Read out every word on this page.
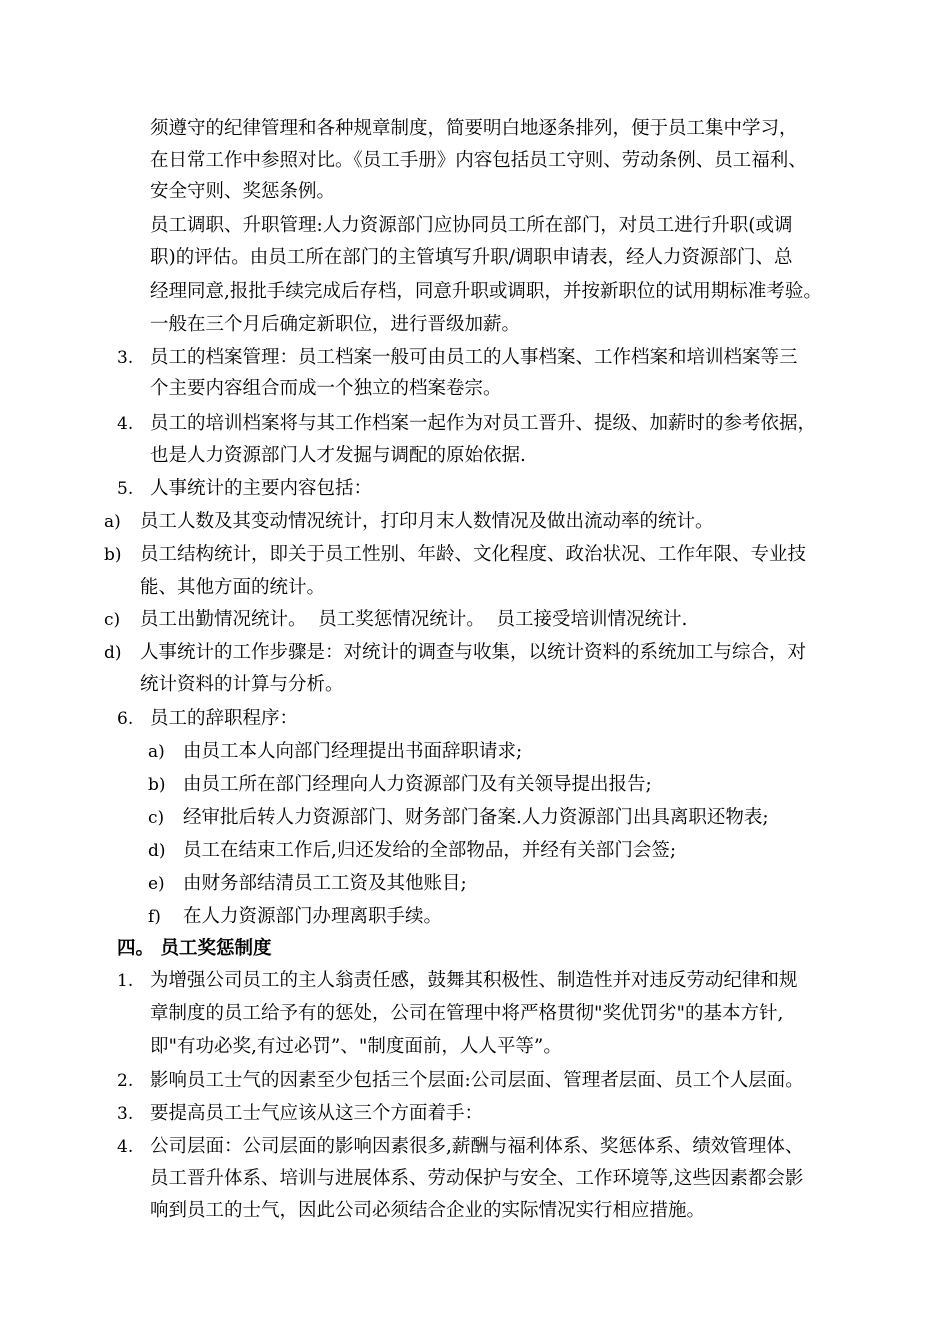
须遵守的纪律管理和各种规章制度，简要明白地逐条排列，便于员工集中学习，
在日常工作中参照对比。《员工手册》内容包括员工守则、劳动条例、员工福利、
安全守则、奖惩条例。
员工调职、升职管理:人力资源部门应协同员工所在部门，对员工进行升职(或调
职)的评估。由员工所在部门的主管填写升职/调职申请表，经人力资源部门、总
经理同意,报批手续完成后存档，同意升职或调职，并按新职位的试用期标准考验。
一般在三个月后确定新职位，进行晋级加薪。
3. 员工的档案管理：员工档案一般可由员工的人事档案、工作档案和培训档案等三
个主要内容组合而成一个独立的档案卷宗。
4. 员工的培训档案将与其工作档案一起作为对员工晋升、提级、加薪时的参考依据，
也是人力资源部门人才发掘与调配的原始依据.
5. 人事统计的主要内容包括：
a) 员工人数及其变动情况统计，打印月末人数情况及做出流动率的统计。
b) 员工结构统计，即关于员工性别、年龄、文化程度、政治状况、工作年限、专业技
能、其他方面的统计。
c) 员工出勤情况统计。  员工奖惩情况统计。  员工接受培训情况统计.
d) 人事统计的工作步骤是：对统计的调查与收集，以统计资料的系统加工与综合，对
统计资料的计算与分析。
6. 员工的辞职程序：
a) 由员工本人向部门经理提出书面辞职请求;
b) 由员工所在部门经理向人力资源部门及有关领导提出报告;
c) 经审批后转人力资源部门、财务部门备案.人力资源部门出具离职还物表;
d) 员工在结束工作后,归还发给的全部物品，并经有关部门会签;
e) 由财务部结清员工工资及其他账目;
f) 在人力资源部门办理离职手续。
四。 员工奖惩制度
1. 为增强公司员工的主人翁责任感，鼓舞其积极性、制造性并对违反劳动纪律和规
章制度的员工给予有的惩处，公司在管理中将严格贯彻"奖优罚劣"的基本方针,
即"有功必奖,有过必罚”、"制度面前，人人平等”。
2. 影响员工士气的因素至少包括三个层面:公司层面、管理者层面、员工个人层面。
3. 要提高员工士气应该从这三个方面着手：
4. 公司层面：公司层面的影响因素很多,薪酬与福利体系、奖惩体系、绩效管理体、
员工晋升体系、培训与进展体系、劳动保护与安全、工作环境等,这些因素都会影
响到员工的士气，因此公司必须结合企业的实际情况实行相应措施。
